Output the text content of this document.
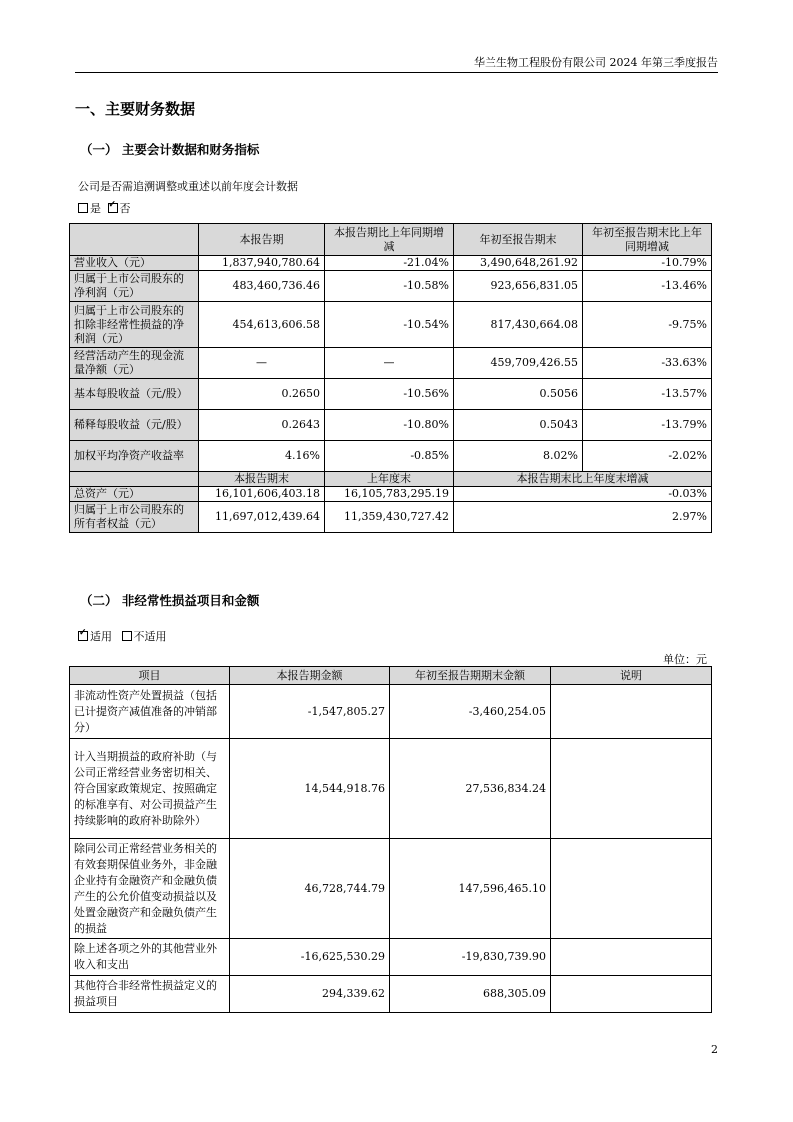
华兰生物工程股份有限公司 2024 年第三季度报告
一、主要财务数据
（一） 主要会计数据和财务指标
公司是否需追溯调整或重述以前年度会计数据
是 ✓ 否
	本报告期	本报告期比上年同期增减	年初至报告期末	年初至报告期末比上年同期增减
营业收入（元）	1,837,940,780.64	-21.04%	3,490,648,261.92	-10.79%
归属于上市公司股东的净利润（元）	483,460,736.46	-10.58%	923,656,831.05	-13.46%
归属于上市公司股东的扣除非经常性损益的净利润（元）	454,613,606.58	-10.54%	817,430,664.08	-9.75%
经营活动产生的现金流量净额（元）	—	—	459,709,426.55	-33.63%
基本每股收益（元/股）	0.2650	-10.56%	0.5056	-13.57%
稀释每股收益（元/股）	0.2643	-10.80%	0.5043	-13.79%
加权平均净资产收益率	4.16%	-0.85%	8.02%	-2.02%
	本报告期末	上年度末	本报告期末比上年度末增减	
总资产（元）	16,101,606,403.18	16,105,783,295.19	-0.03%	
归属于上市公司股东的所有者权益（元）	11,697,012,439.64	11,359,430,727.42	2.97%	
（二） 非经常性损益项目和金额
✓适用 不适用
单位：元
项目	本报告期金额	年初至报告期期末金额	说明
非流动性资产处置损益（包括已计提资产减值准备的冲销部分）	-1,547,805.27	-3,460,254.05	
计入当期损益的政府补助（与公司正常经营业务密切相关、符合国家政策规定、按照确定的标准享有、对公司损益产生持续影响的政府补助除外）	14,544,918.76	27,536,834.24	
除同公司正常经营业务相关的有效套期保值业务外，非金融企业持有金融资产和金融负债产生的公允价值变动损益以及处置金融资产和金融负债产生的损益	46,728,744.79	147,596,465.10	
除上述各项之外的其他营业外收入和支出	-16,625,530.29	-19,830,739.90	
其他符合非经常性损益定义的损益项目	294,339.62	688,305.09	
2
